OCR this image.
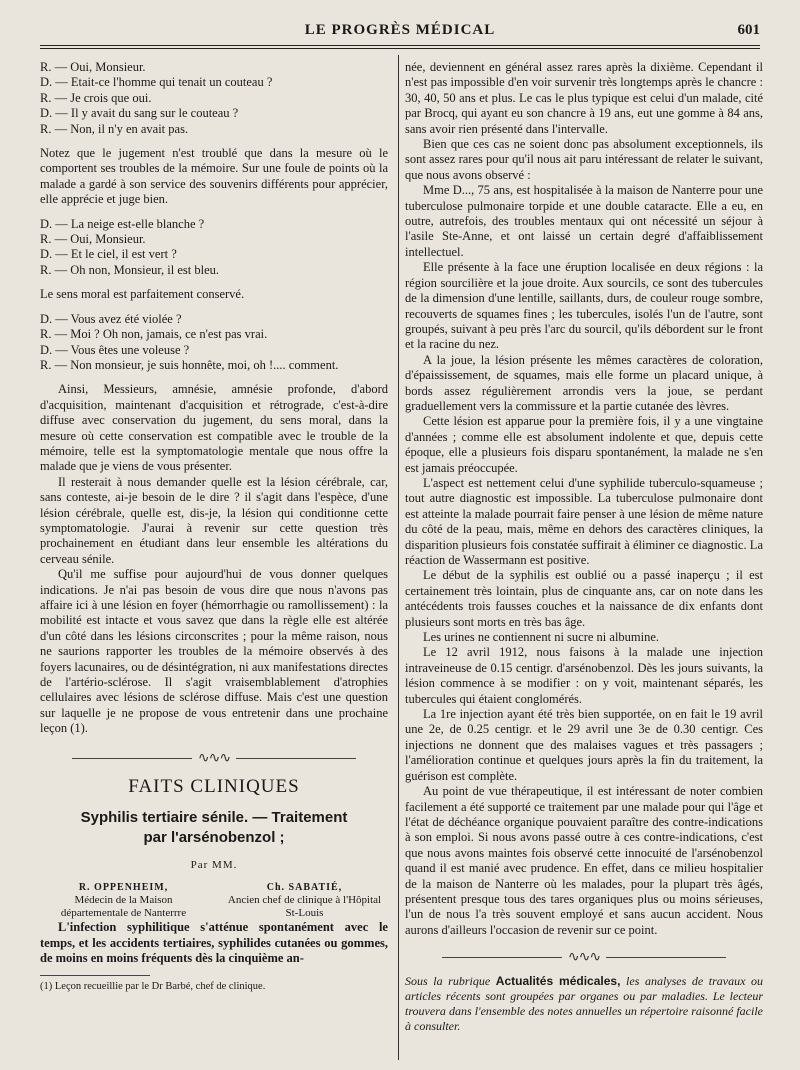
LE PROGRÈS MÉDICAL	601

R. — Oui, Monsieur.

D. — Etait-ce l'homme qui tenait un couteau ?

R. — Je crois que oui.

D. — Il y avait du sang sur le couteau ?

R. — Non, il n'y en avait pas.

Notez que le jugement n'est troublé que dans la mesure où le comportent ses troubles de la mémoire. Sur une foule de points où la malade a gardé à son service des souvenirs différents pour apprécier, elle apprécie et juge bien.

D. — La neige est-elle blanche ?

R. — Oui, Monsieur.

D. — Et le ciel, il est vert ?

R. — Oh non, Monsieur, il est bleu.

Le sens moral est parfaitement conservé.

D. — Vous avez été violée ?

R. — Moi ? Oh non, jamais, ce n'est pas vrai.

D. — Vous êtes une voleuse ?

R. — Non monsieur, je suis honnête, moi, oh !.... comment.

Ainsi, Messieurs, amnésie, amnésie profonde, d'abord d'acquisition, maintenant d'acquisition et rétrograde, c'est-à-dire diffuse avec conservation du jugement, du sens moral, dans la mesure où cette conservation est compatible avec le trouble de la mémoire, telle est la symptomatologie mentale que nous offre la malade que je viens de vous présenter.

Il resterait à nous demander quelle est la lésion cérébrale, car, sans conteste, ai-je besoin de le dire ? il s'agit dans l'espèce, d'une lésion cérébrale, quelle est, dis-je, la lésion qui conditionne cette symptomatologie. J'aurai à revenir sur cette question très prochainement en étudiant dans leur ensemble les altérations du cerveau sénile.

Qu'il me suffise pour aujourd'hui de vous donner quelques indications. Je n'ai pas besoin de vous dire que nous n'avons pas affaire ici à une lésion en foyer (hémorrhagie ou ramollissement) : la mobilité est intacte et vous savez que dans la règle elle est altérée d'un côté dans les lésions circonscrites ; pour la même raison, nous ne saurions rapporter les troubles de la mémoire observés à des foyers lacunaires, ou de désintégration, ni aux manifestations directes de l'artério-sclérose. Il s'agit vraisemblablement d'atrophies cellulaires avec lésions de sclérose diffuse. Mais c'est une question sur laquelle je ne propose de vous entretenir dans une prochaine leçon (1).

∿∿∿
FAITS CLINIQUES
Syphilis tertiaire sénile. — Traitement
par l'arsénobenzol ;
Par MM.
R. OPPENHEIM,
Médecin de la Maison départementale de Nanterrre
Ch. SABATIÉ,
Ancien chef de clinique à l'Hôpital St-Louis

L'infection syphilitique s'atténue spontanément avec le temps, et les accidents tertiaires, syphilides cutanées ou gommes, de moins en moins fréquents dès la cinquième an-

(1) Leçon recueillie par le Dr Barbé, chef de clinique.

née, deviennent en général assez rares après la dixième. Cependant il n'est pas impossible d'en voir survenir très longtemps après le chancre : 30, 40, 50 ans et plus. Le cas le plus typique est celui d'un malade, cité par Brocq, qui ayant eu son chancre à 19 ans, eut une gomme à 84 ans, sans avoir rien présenté dans l'intervalle.

Bien que ces cas ne soient donc pas absolument exceptionnels, ils sont assez rares pour qu'il nous ait paru intéressant de relater le suivant, que nous avons observé :

Mme D..., 75 ans, est hospitalisée à la maison de Nanterre pour une tuberculose pulmonaire torpide et une double cataracte. Elle a eu, en outre, autrefois, des troubles mentaux qui ont nécessité un séjour à l'asile Ste-Anne, et ont laissé un certain degré d'affaiblissement intellectuel.

Elle présente à la face une éruption localisée en deux régions : la région sourcilière et la joue droite. Aux sourcils, ce sont des tubercules de la dimension d'une lentille, saillants, durs, de couleur rouge sombre, recouverts de squames fines ; les tubercules, isolés l'un de l'autre, sont groupés, suivant à peu près l'arc du sourcil, qu'ils débordent sur le front et la racine du nez.

A la joue, la lésion présente les mêmes caractères de coloration, d'épaississement, de squames, mais elle forme un placard unique, à bords assez régulièrement arrondis vers la joue, se perdant graduellement vers la commissure et la partie cutanée des lèvres.

Cette lésion est apparue pour la première fois, il y a une vingtaine d'années ; comme elle est absolument indolente et que, depuis cette époque, elle a plusieurs fois disparu spontanément, la malade ne s'en est jamais préoccupée.

L'aspect est nettement celui d'une syphilide tuberculo-squameuse ; tout autre diagnostic est impossible. La tuberculose pulmonaire dont est atteinte la malade pourrait faire penser à une lésion de même nature du côté de la peau, mais, même en dehors des caractères cliniques, la disparition plusieurs fois constatée suffirait à éliminer ce diagnostic. La réaction de Wassermann est positive.

Le début de la syphilis est oublié ou a passé inaperçu ; il est certainement très lointain, plus de cinquante ans, car on note dans les antécédents trois fausses couches et la naissance de dix enfants dont plusieurs sont morts en très bas âge.

Les urines ne contiennent ni sucre ni albumine.

Le 12 avril 1912, nous faisons à la malade une injection intraveineuse de 0.15 centigr. d'arsénobenzol. Dès les jours suivants, la lésion commence à se modifier : on y voit, maintenant séparés, les tubercules qui étaient conglomérés.

La 1re injection ayant été très bien supportée, on en fait le 19 avril une 2e, de 0.25 centigr. et le 29 avril une 3e de 0.30 centigr. Ces injections ne donnent que des malaises vagues et très passagers ; l'amélioration continue et quelques jours après la fin du traitement, la guérison est complète.

Au point de vue thérapeutique, il est intéressant de noter combien facilement a été supporté ce traitement par une malade pour qui l'âge et l'état de déchéance organique pouvaient paraître des contre-indications à son emploi. Si nous avons passé outre à ces contre-indications, c'est que nous avons maintes fois observé cette innocuité de l'arsénobenzol quand il est manié avec prudence. En effet, dans ce milieu hospitalier de la maison de Nanterre où les malades, pour la plupart très âgés, présentent presque tous des tares organiques plus ou moins sérieuses, l'un de nous l'a très souvent employé et sans aucun accident. Nous aurons d'ailleurs l'occasion de revenir sur ce point.

∿∿∿

Sous la rubrique Actualités médicales, les analyses de travaux ou articles récents sont groupées par organes ou par maladies. Le lecteur trouvera dans l'ensemble des notes annuelles un répertoire raisonné facile à consulter.
